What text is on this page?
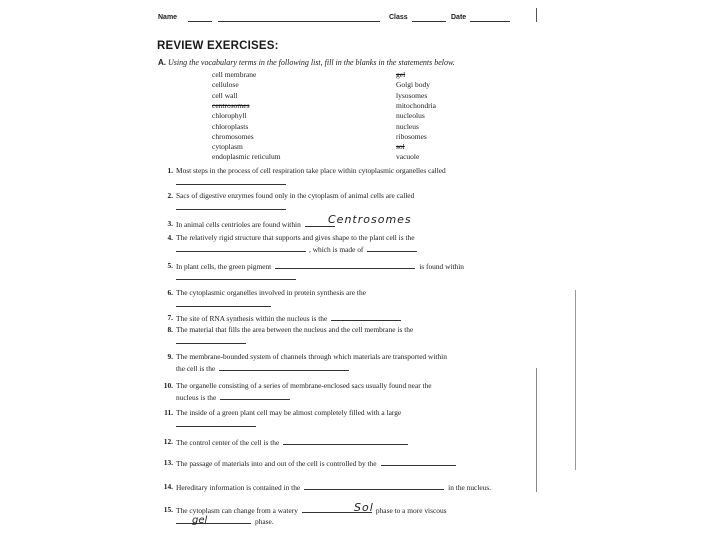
Name	Class	Date
REVIEW EXERCISES:
A. Using the vocabulary terms in the following list, fill in the blanks in the statements below.
cell membrane
cellulose
cell wall
centrosomes
chlorophyll
chloroplasts
chromosomes
cytoplasm
endoplasmic reticulum
gel
Golgi body
lysosomes
mitochondria
nucleolus
nucleus
ribosomes
sol
vacuole
1. Most steps in the process of cell respiration take place within cytoplasmic organelles called
2. Sacs of digestive enzymes found only in the cytoplasm of animal cells are called
3. In animal cells centrioles are found within
4. The relatively rigid structure that supports and gives shape to the plant cell is the
, which is made of
5. In plant cells, the green pigment	is found within
6. The cytoplasmic organelles involved in protein synthesis are the
7. The site of RNA synthesis within the nucleus is the
8. The material that fills the area between the nucleus and the cell membrane is the
9. The membrane-bounded system of channels through which materials are transported within
the cell is the
10. The organelle consisting of a series of membrane-enclosed sacs usually found near the
nucleus is the
11. The inside of a green plant cell may be almost completely filled with a large
12. The control center of the cell is the
13. The passage of materials into and out of the cell is controlled by the
14. Hereditary information is contained in the	in the nucleus.
15. The cytoplasm can change from a watery	phase to a more viscous
phase.
Centrosomes
Sol
gel
